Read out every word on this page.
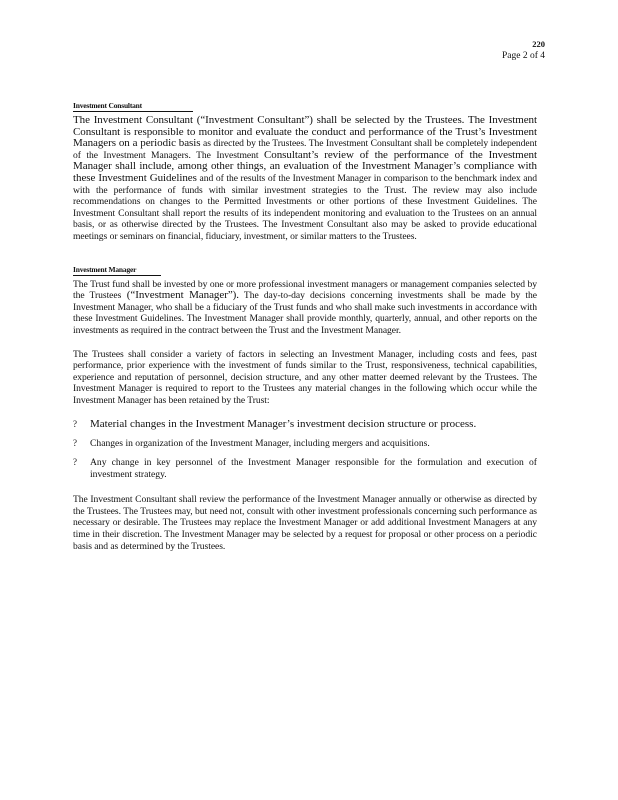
220
Page 2 of 4
Investment Consultant

The Investment Consultant (“Investment Consultant”) shall be selected by the Trustees. The Investment Consultant is responsible to monitor and evaluate the conduct and performance of the Trust’s Investment Managers on a periodic basis as directed by the Trustees. The Investment Consultant shall be completely independent of the Investment Managers. The Investment Consultant’s review of the performance of the Investment Manager shall include, among other things, an evaluation of the Investment Manager’s compliance with these Investment Guidelines and of the results of the Investment Manager in comparison to the benchmark index and with the performance of funds with similar investment strategies to the Trust. The review may also include recommendations on changes to the Permitted Investments or other portions of these Investment Guidelines. The Investment Consultant shall report the results of its independent monitoring and evaluation to the Trustees on an annual basis, or as otherwise directed by the Trustees. The Investment Consultant also may be asked to provide educational meetings or seminars on financial, fiduciary, investment, or similar matters to the Trustees.

Investment Manager

The Trust fund shall be invested by one or more professional investment managers or management companies selected by the Trustees (“Investment Manager”). The day-to-day decisions concerning investments shall be made by the Investment Manager, who shall be a fiduciary of the Trust funds and who shall make such investments in accordance with these Investment Guidelines. The Investment Manager shall provide monthly, quarterly, annual, and other reports on the investments as required in the contract between the Trust and the Investment Manager.

The Trustees shall consider a variety of factors in selecting an Investment Manager, including costs and fees, past performance, prior experience with the investment of funds similar to the Trust, responsiveness, technical capabilities, experience and reputation of personnel, decision structure, and any other matter deemed relevant by the Trustees. The Investment Manager is required to report to the Trustees any material changes in the following which occur while the Investment Manager has been retained by the Trust:

? Material changes in the Investment Manager’s investment decision structure or process.
? Changes in organization of the Investment Manager, including mergers and acquisitions.
? Any change in key personnel of the Investment Manager responsible for the formulation and execution of investment strategy.

The Investment Consultant shall review the performance of the Investment Manager annually or otherwise as directed by the Trustees. The Trustees may, but need not, consult with other investment professionals concerning such performance as necessary or desirable. The Trustees may replace the Investment Manager or add additional Investment Managers at any time in their discretion. The Investment Manager may be selected by a request for proposal or other process on a periodic basis and as determined by the Trustees.
